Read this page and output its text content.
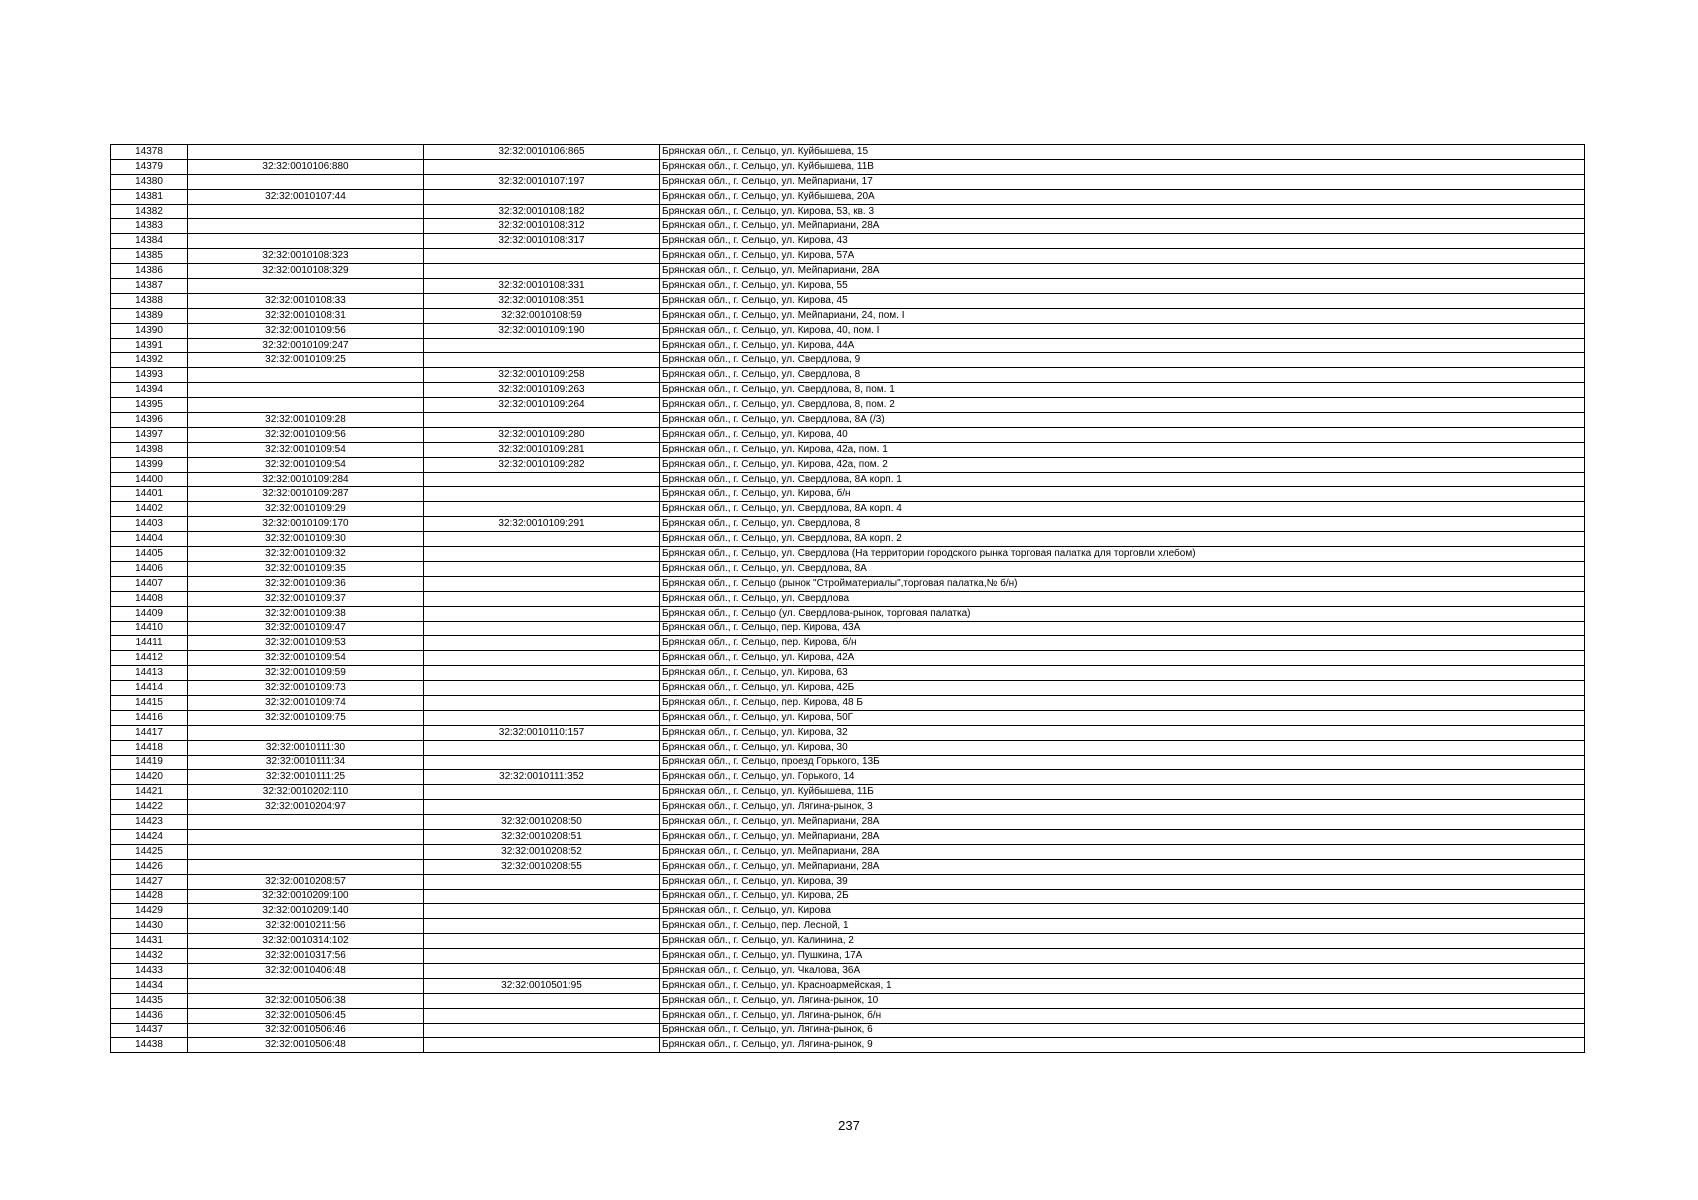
14378		32:32:0010106:865	Брянская обл., г. Сельцо, ул. Куйбышева, 15
14379	32:32:0010106:880		Брянская обл., г. Сельцо, ул. Куйбышева, 11В
14380		32:32:0010107:197	Брянская обл., г. Сельцо, ул. Мейпариани, 17
14381	32:32:0010107:44		Брянская обл., г. Сельцо, ул. Куйбышева, 20А
14382		32:32:0010108:182	Брянская обл., г. Сельцо, ул. Кирова, 53, кв. 3
14383		32:32:0010108:312	Брянская обл., г. Сельцо, ул. Мейпариани, 28А
14384		32:32:0010108:317	Брянская обл., г. Сельцо, ул. Кирова, 43
14385	32:32:0010108:323		Брянская обл., г. Сельцо, ул. Кирова, 57А
14386	32:32:0010108:329		Брянская обл., г. Сельцо, ул. Мейпариани, 28А
14387		32:32:0010108:331	Брянская обл., г. Сельцо, ул. Кирова, 55
14388	32:32:0010108:33	32:32:0010108:351	Брянская обл., г. Сельцо, ул. Кирова, 45
14389	32:32:0010108:31	32:32:0010108:59	Брянская обл., г. Сельцо, ул. Мейпариани, 24, пом. I
14390	32:32:0010109:56	32:32:0010109:190	Брянская обл., г. Сельцо, ул. Кирова, 40, пом. I
14391	32:32:0010109:247		Брянская обл., г. Сельцо, ул. Кирова, 44А
14392	32:32:0010109:25		Брянская обл., г. Сельцо, ул. Свердлова, 9
14393		32:32:0010109:258	Брянская обл., г. Сельцо, ул. Свердлова, 8
14394		32:32:0010109:263	Брянская обл., г. Сельцо, ул. Свердлова, 8, пом. 1
14395		32:32:0010109:264	Брянская обл., г. Сельцо, ул. Свердлова, 8, пом. 2
14396	32:32:0010109:28		Брянская обл., г. Сельцо, ул. Свердлова, 8А (/3)
14397	32:32:0010109:56	32:32:0010109:280	Брянская обл., г. Сельцо, ул. Кирова, 40
14398	32:32:0010109:54	32:32:0010109:281	Брянская обл., г. Сельцо, ул. Кирова, 42а, пом. 1
14399	32:32:0010109:54	32:32:0010109:282	Брянская обл., г. Сельцо, ул. Кирова, 42а, пом. 2
14400	32:32:0010109:284		Брянская обл., г. Сельцо, ул. Свердлова, 8А корп. 1
14401	32:32:0010109:287		Брянская обл., г. Сельцо, ул. Кирова, б/н
14402	32:32:0010109:29		Брянская обл., г. Сельцо, ул. Свердлова, 8А корп. 4
14403	32:32:0010109:170	32:32:0010109:291	Брянская обл., г. Сельцо, ул. Свердлова, 8
14404	32:32:0010109:30		Брянская обл., г. Сельцо, ул. Свердлова, 8А корп. 2
14405	32:32:0010109:32		Брянская обл., г. Сельцо, ул. Свердлова (На территории городского рынка торговая палатка для торговли хлебом)
14406	32:32:0010109:35		Брянская обл., г. Сельцо, ул. Свердлова, 8А
14407	32:32:0010109:36		Брянская обл., г. Сельцо (рынок "Стройматериалы",торговая палатка,№ б/н)
14408	32:32:0010109:37		Брянская обл., г. Сельцо, ул. Свердлова
14409	32:32:0010109:38		Брянская обл., г. Сельцо (ул. Свердлова-рынок, торговая палатка)
14410	32:32:0010109:47		Брянская обл., г. Сельцо, пер. Кирова, 43А
14411	32:32:0010109:53		Брянская обл., г. Сельцо, пер. Кирова, б/н
14412	32:32:0010109:54		Брянская обл., г. Сельцо, ул. Кирова, 42А
14413	32:32:0010109:59		Брянская обл., г. Сельцо, ул. Кирова, 63
14414	32:32:0010109:73		Брянская обл., г. Сельцо, ул. Кирова, 42Б
14415	32:32:0010109:74		Брянская обл., г. Сельцо, пер. Кирова, 48 Б
14416	32:32:0010109:75		Брянская обл., г. Сельцо, ул. Кирова, 50Г
14417		32:32:0010110:157	Брянская обл., г. Сельцо, ул. Кирова, 32
14418	32:32:0010111:30		Брянская обл., г. Сельцо, ул. Кирова, 30
14419	32:32:0010111:34		Брянская обл., г. Сельцо, проезд Горького, 13Б
14420	32:32:0010111:25	32:32:0010111:352	Брянская обл., г. Сельцо, ул. Горького, 14
14421	32:32:0010202:110		Брянская обл., г. Сельцо, ул. Куйбышева, 11Б
14422	32:32:0010204:97		Брянская обл., г. Сельцо, ул. Лягина-рынок, 3
14423		32:32:0010208:50	Брянская обл., г. Сельцо, ул. Мейпариани, 28А
14424		32:32:0010208:51	Брянская обл., г. Сельцо, ул. Мейпариани, 28А
14425		32:32:0010208:52	Брянская обл., г. Сельцо, ул. Мейпариани, 28А
14426		32:32:0010208:55	Брянская обл., г. Сельцо, ул. Мейпариани, 28А
14427	32:32:0010208:57		Брянская обл., г. Сельцо, ул. Кирова, 39
14428	32:32:0010209:100		Брянская обл., г. Сельцо, ул. Кирова, 2Б
14429	32:32:0010209:140		Брянская обл., г. Сельцо, ул. Кирова
14430	32:32:0010211:56		Брянская обл., г. Сельцо, пер. Лесной, 1
14431	32:32:0010314:102		Брянская обл., г. Сельцо, ул. Калинина, 2
14432	32:32:0010317:56		Брянская обл., г. Сельцо, ул. Пушкина, 17А
14433	32:32:0010406:48		Брянская обл., г. Сельцо, ул. Чкалова, 36А
14434		32:32:0010501:95	Брянская обл., г. Сельцо, ул. Красноармейская, 1
14435	32:32:0010506:38		Брянская обл., г. Сельцо, ул. Лягина-рынок, 10
14436	32:32:0010506:45		Брянская обл., г. Сельцо, ул. Лягина-рынок, б/н
14437	32:32:0010506:46		Брянская обл., г. Сельцо, ул. Лягина-рынок, 6
14438	32:32:0010506:48		Брянская обл., г. Сельцо, ул. Лягина-рынок, 9
237
